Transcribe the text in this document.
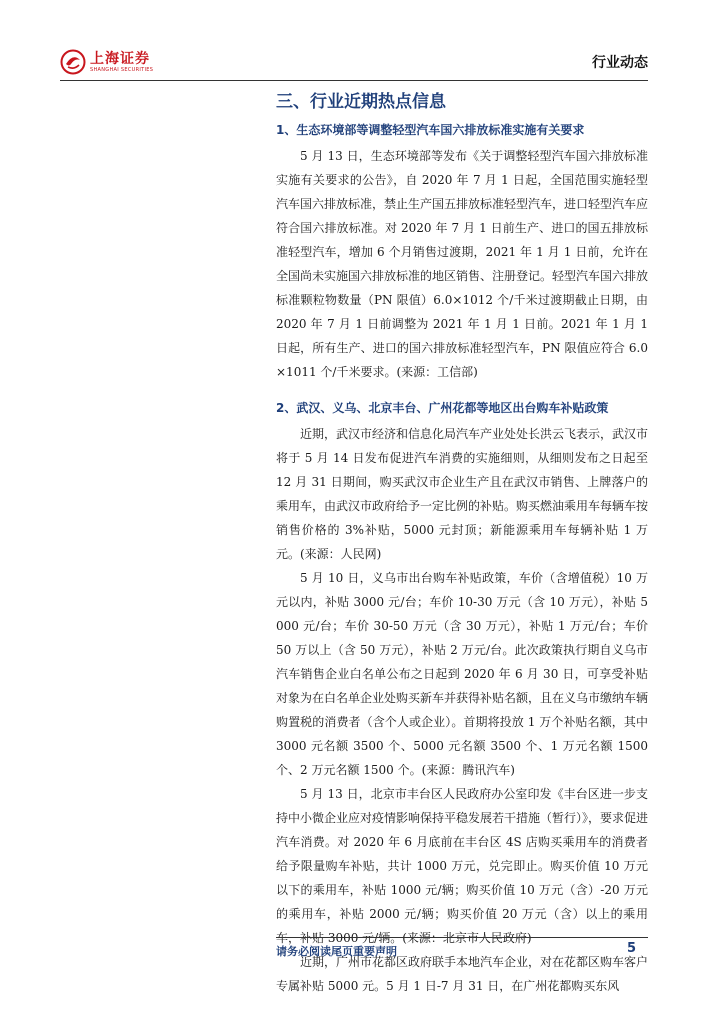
上海证券
SHANGHAI SECURITIES	行业动态
三、行业近期热点信息
1、生态环境部等调整轻型汽车国六排放标准实施有关要求

5 月 13 日，生态环境部等发布《关于调整轻型汽车国六排放标准实施有关要求的公告》，自 2020 年 7 月 1 日起，全国范围实施轻型汽车国六排放标准，禁止生产国五排放标准轻型汽车，进口轻型汽车应符合国六排放标准。对 2020 年 7 月 1 日前生产、进口的国五排放标准轻型汽车，增加 6 个月销售过渡期，2021 年 1 月 1 日前，允许在全国尚未实施国六排放标准的地区销售、注册登记。轻型汽车国六排放标准颗粒物数量（PN 限值）6.0×1012 个/千米过渡期截止日期，由 2020 年 7 月 1 日前调整为 2021 年 1 月 1 日前。2021 年 1 月 1 日起，所有生产、进口的国六排放标准轻型汽车，PN 限值应符合 6.0×1011 个/千米要求。(来源：工信部)

2、武汉、义乌、北京丰台、广州花都等地区出台购车补贴政策

近期，武汉市经济和信息化局汽车产业处处长洪云飞表示，武汉市将于 5 月 14 日发布促进汽车消费的实施细则，从细则发布之日起至 12 月 31 日期间，购买武汉市企业生产且在武汉市销售、上牌落户的乘用车，由武汉市政府给予一定比例的补贴。购买燃油乘用车每辆车按销售价格的 3%补贴，5000 元封顶；新能源乘用车每辆补贴 1 万元。(来源：人民网)

5 月 10 日，义乌市出台购车补贴政策，车价（含增值税）10 万元以内，补贴 3000 元/台；车价 10-30 万元（含 10 万元），补贴 5000 元/台；车价 30-50 万元（含 30 万元），补贴 1 万元/台；车价 50 万以上（含 50 万元），补贴 2 万元/台。此次政策执行期自义乌市汽车销售企业白名单公布之日起到 2020 年 6 月 30 日，可享受补贴对象为在白名单企业处购买新车并获得补贴名额，且在义乌市缴纳车辆购置税的消费者（含个人或企业）。首期将投放 1 万个补贴名额，其中 3000 元名额 3500 个、5000 元名额 3500 个、1 万元名额 1500 个、2 万元名额 1500 个。(来源：腾讯汽车)

5 月 13 日，北京市丰台区人民政府办公室印发《丰台区进一步支持中小微企业应对疫情影响保持平稳发展若干措施（暂行）》，要求促进汽车消费。对 2020 年 6 月底前在丰台区 4S 店购买乘用车的消费者给予限量购车补贴，共计 1000 万元，兑完即止。购买价值 10 万元以下的乘用车，补贴 1000 元/辆；购买价值 10 万元（含）-20 万元的乘用车，补贴 2000 元/辆；购买价值 20 万元（含）以上的乘用车，补贴 3000 元/辆。(来源：北京市人民政府)

近期，广州市花都区政府联手本地汽车企业，对在花都区购车客户专属补贴 5000 元。5 月 1 日-7 月 31 日，在广州花都购买东风

请务必阅读尾页重要声明	5
